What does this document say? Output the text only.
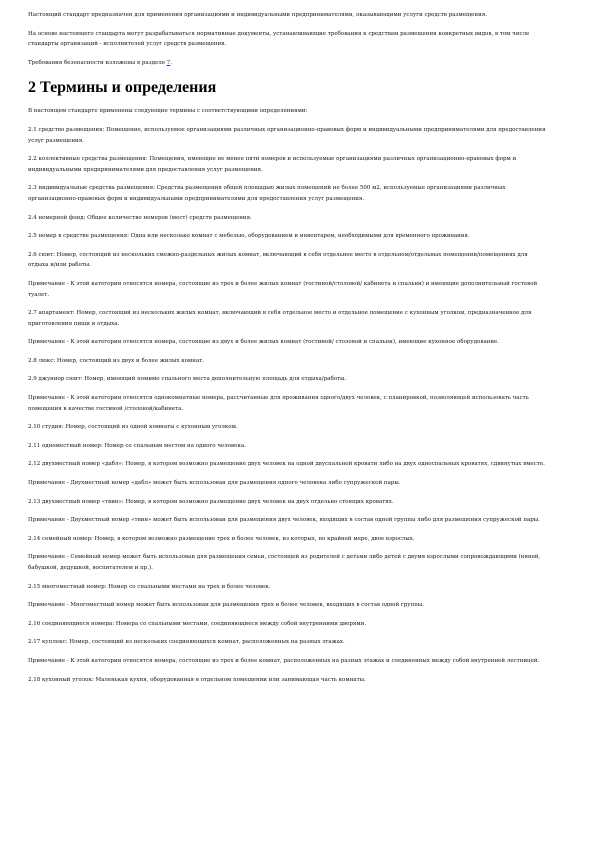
Настоящий стандарт предназначен для применения организациями и индивидуальными предпринимателями, оказывающими услуги средств размещения.

На основе настоящего стандарта могут разрабатываться нормативные документы, устанавливающие требования к средствам размещения конкретных видов, в том числе стандарты организаций - исполнителей услуг средств размещения.

Требования безопасности изложены в разделе 7.

2 Термины и определения

В настоящем стандарте применены следующие термины с соответствующими определениями:

2.1 средство размещения: Помещение, используемое организациями различных организационно-правовых форм и индивидуальными предпринимателями для предоставления услуг размещения.

2.2 коллективные средства размещения: Помещения, имеющие не менее пяти номеров и используемые организациями различных организационно-правовых форм и индивидуальными предпринимателями для предоставления услуг размещения.

2.3 индивидуальные средства размещения: Средства размещения общей площадью жилых помещений не более 500 м2, используемые организациями различных организационно-правовых форм и индивидуальными предпринимателями для предоставления услуг размещения.

2.4 номерной фонд: Общее количество номеров (мест) средств размещения.

2.5 номер в средстве размещения: Одна или несколько комнат с мебелью, оборудованием и инвентарем, необходимыми для временного проживания.

2.6 сюит: Номер, состоящий из нескольких смежно-раздельных жилых комнат, включающий в себя отдельное место в отдельном/отдельных помещении/помещениях для отдыха и/или работы.

Примечание - К этой категории относятся номера, состоящие из трех и более жилых комнат (гостиной/столовой/ кабинета и спальни) и имеющие дополнительный гостевой туалет.

2.7 апартамент: Номер, состоящий из нескольких жилых комнат, включающий в себя отдельное место и отдельное помещение с кухонным уголком, предназначенное для приготовления пищи и отдыха.

Примечание - К этой категории относятся номера, состоящие из двух и более жилых комнат (гостиной/ столовой и спальни), имеющие кухонное оборудование.

2.8 люкс: Номер, состоящий из двух и более жилых комнат.

2.9 джуниор сюит: Номер, имеющий помимо спального места дополнительную площадь для отдыха/работы.

Примечание - К этой категории относятся однокомнатные номера, рассчитанные для проживания одного/двух человек, с планировкой, позволяющей использовать часть помещения в качестве гостиной /столовой/кабинета.

2.10 студия: Номер, состоящий из одной комнаты с кухонным уголком.

2.11 одноместный номер: Номер со спальным местом на одного человека.

2.12 двухместный номер «дабл»: Номер, в котором возможно размещение двух человек на одной двуспальной кровати либо на двух односпальных кроватях, сдвинутых вместе.

Примечание - Двухместный номер «дабл» может быть использован для размещения одного человека либо супружеской пары.

2.13 двухместный номер «твин»: Номер, в котором возможно размещение двух человек на двух отдельно стоящих кроватях.

Примечание - Двухместный номер «твин» может быть использован для размещения двух человек, входящих в состав одной группы либо для размещения супружеской пары.

2.14 семейный номер: Номер, в котором возможно размещение трех и более человек, из которых, по крайней мере, двое взрослых.

Примечание - Семейный номер может быть использован для размещения семьи, состоящей из родителей с детьми либо детей с двумя взрослыми сопровождающими (няней, бабушкой, дедушкой, воспитателем и пр.).

2.15 многоместный номер: Номер со спальными местами на трех и более человек.

Примечание - Многоместный номер может быть использован для размещения трех и более человек, входящих в состав одной группы.

2.16 соединяющиеся номера: Номера со спальными местами, соединяющиеся между собой внутренними дверями.

2.17 куплекс: Номер, состоящий из нескольких соединяющихся комнат, расположенных на разных этажах.

Примечание - К этой категории относятся номера, состоящие из трех и более комнат, расположенных на разных этажах и соединенных между собой внутренней лестницей.

2.18 кухонный уголок: Маленькая кухня, оборудованная в отдельном помещении или занимающая часть комнаты.
